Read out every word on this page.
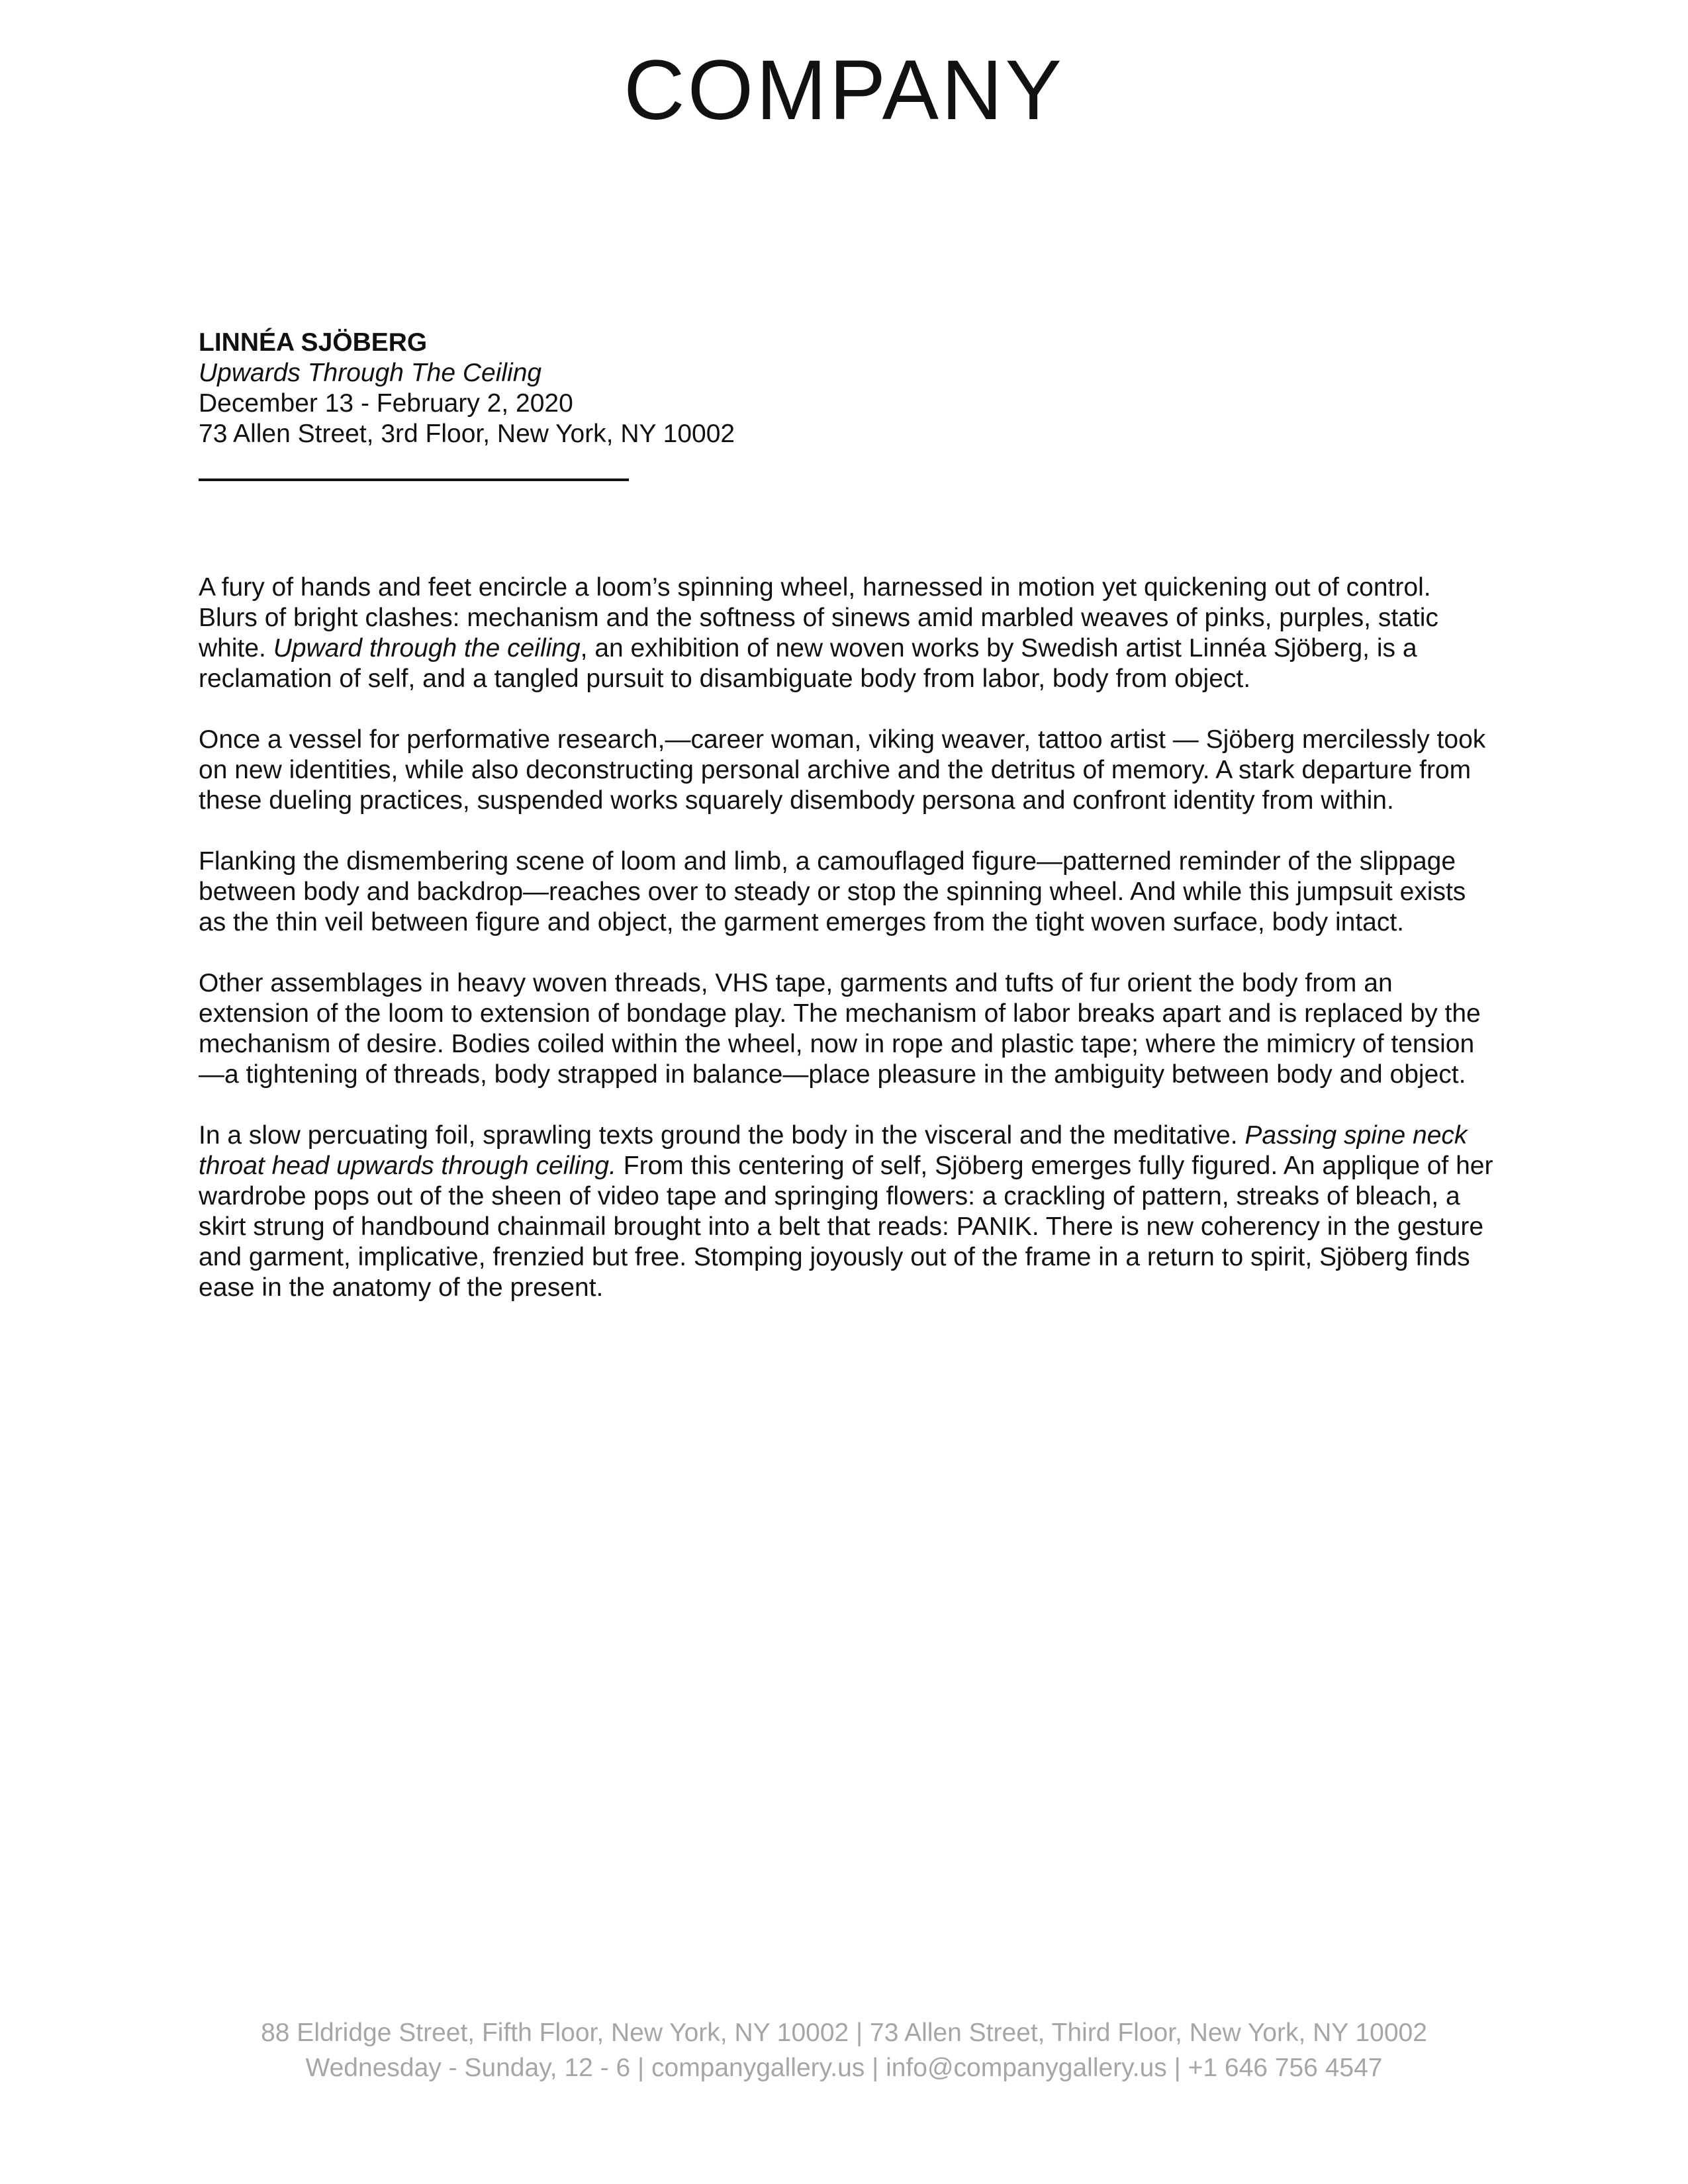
COMPANY
LINNÉA SJÖBERG
Upwards Through The Ceiling
December 13 - February 2, 2020
73 Allen Street, 3rd Floor, New York, NY 10002

A fury of hands and feet encircle a loom’s spinning wheel, harnessed in motion yet quickening out of control. Blurs of bright clashes: mechanism and the softness of sinews amid marbled weaves of pinks, purples, static white. Upward through the ceiling, an exhibition of new woven works by Swedish artist Linnéa Sjöberg, is a reclamation of self, and a tangled pursuit to disambiguate body from labor, body from object.

Once a vessel for performative research,—career woman, viking weaver, tattoo artist — Sjöberg mercilessly took on new identities, while also deconstructing personal archive and the detritus of memory. A stark departure from these dueling practices, suspended works squarely disembody persona and confront identity from within.

Flanking the dismembering scene of loom and limb, a camouflaged figure—patterned reminder of the slippage between body and backdrop—reaches over to steady or stop the spinning wheel. And while this jumpsuit exists as the thin veil between figure and object, the garment emerges from the tight woven surface, body intact.

Other assemblages in heavy woven threads, VHS tape, garments and tufts of fur orient the body from an extension of the loom to extension of bondage play. The mechanism of labor breaks apart and is replaced by the mechanism of desire. Bodies coiled within the wheel, now in rope and plastic tape; where the mimicry of tension—a tightening of threads, body strapped in balance—place pleasure in the ambiguity between body and object.

In a slow percuating foil, sprawling texts ground the body in the visceral and the meditative. Passing spine neck throat head upwards through ceiling. From this centering of self, Sjöberg emerges fully figured. An applique of her wardrobe pops out of the sheen of video tape and springing flowers: a crackling of pattern, streaks of bleach, a skirt strung of handbound chainmail brought into a belt that reads: PANIK. There is new coherency in the gesture and garment, implicative, frenzied but free. Stomping joyously out of the frame in a return to spirit, Sjöberg finds ease in the anatomy of the present.

88 Eldridge Street, Fifth Floor, New York, NY 10002 | 73 Allen Street, Third Floor, New York, NY 10002
Wednesday - Sunday, 12 - 6 | companygallery.us | info@companygallery.us | +1 646 756 4547
